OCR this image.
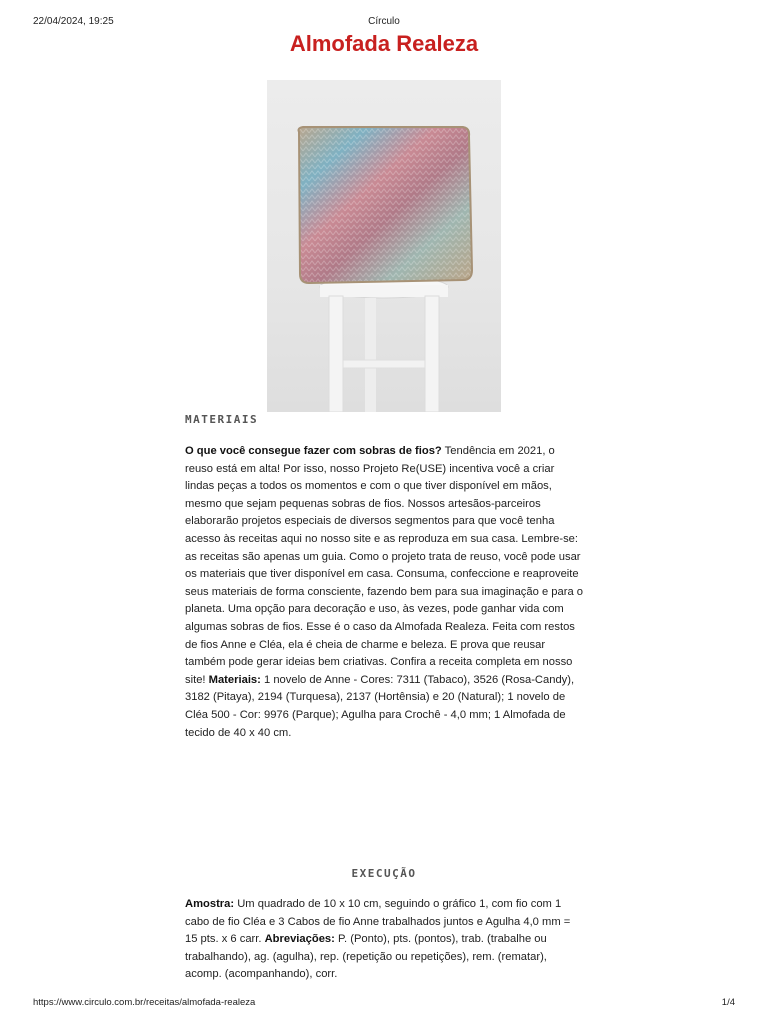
22/04/2024, 19:25	Círculo
Almofada Realeza
MATERIAIS
O que você consegue fazer com sobras de fios? Tendência em 2021, o reuso está em alta! Por isso, nosso Projeto Re(USE) incentiva você a criar lindas peças a todos os momentos e com o que tiver disponível em mãos, mesmo que sejam pequenas sobras de fios. Nossos artesãos-parceiros elaborarão projetos especiais de diversos segmentos para que você tenha acesso às receitas aqui no nosso site e as reproduza em sua casa. Lembre-se: as receitas são apenas um guia. Como o projeto trata de reuso, você pode usar os materiais que tiver disponível em casa. Consuma, confeccione e reaproveite seus materiais de forma consciente, fazendo bem para sua imaginação e para o planeta. Uma opção para decoração e uso, às vezes, pode ganhar vida com algumas sobras de fios. Esse é o caso da Almofada Realeza. Feita com restos de fios Anne e Cléa, ela é cheia de charme e beleza. E prova que reusar também pode gerar ideias bem criativas. Confira a receita completa em nosso site! Materiais: 1 novelo de Anne - Cores: 7311 (Tabaco), 3526 (Rosa-Candy), 3182 (Pitaya), 2194 (Turquesa), 2137 (Hortênsia) e 20 (Natural); 1 novelo de Cléa 500 - Cor: 9976 (Parque); Agulha para Crochê - 4,0 mm; 1 Almofada de tecido de 40 x 40 cm.
EXECUÇÃO
Amostra: Um quadrado de 10 x 10 cm, seguindo o gráfico 1, com fio com 1 cabo de fio Cléa e 3 Cabos de fio Anne trabalhados juntos e Agulha 4,0 mm = 15 pts. x 6 carr. Abreviações: P. (Ponto), pts. (pontos), trab. (trabalhe ou trabalhando), ag. (agulha), rep. (repetição ou repetições), rem. (rematar), acomp. (acompanhando), corr.
https://www.circulo.com.br/receitas/almofada-realeza	1/4
